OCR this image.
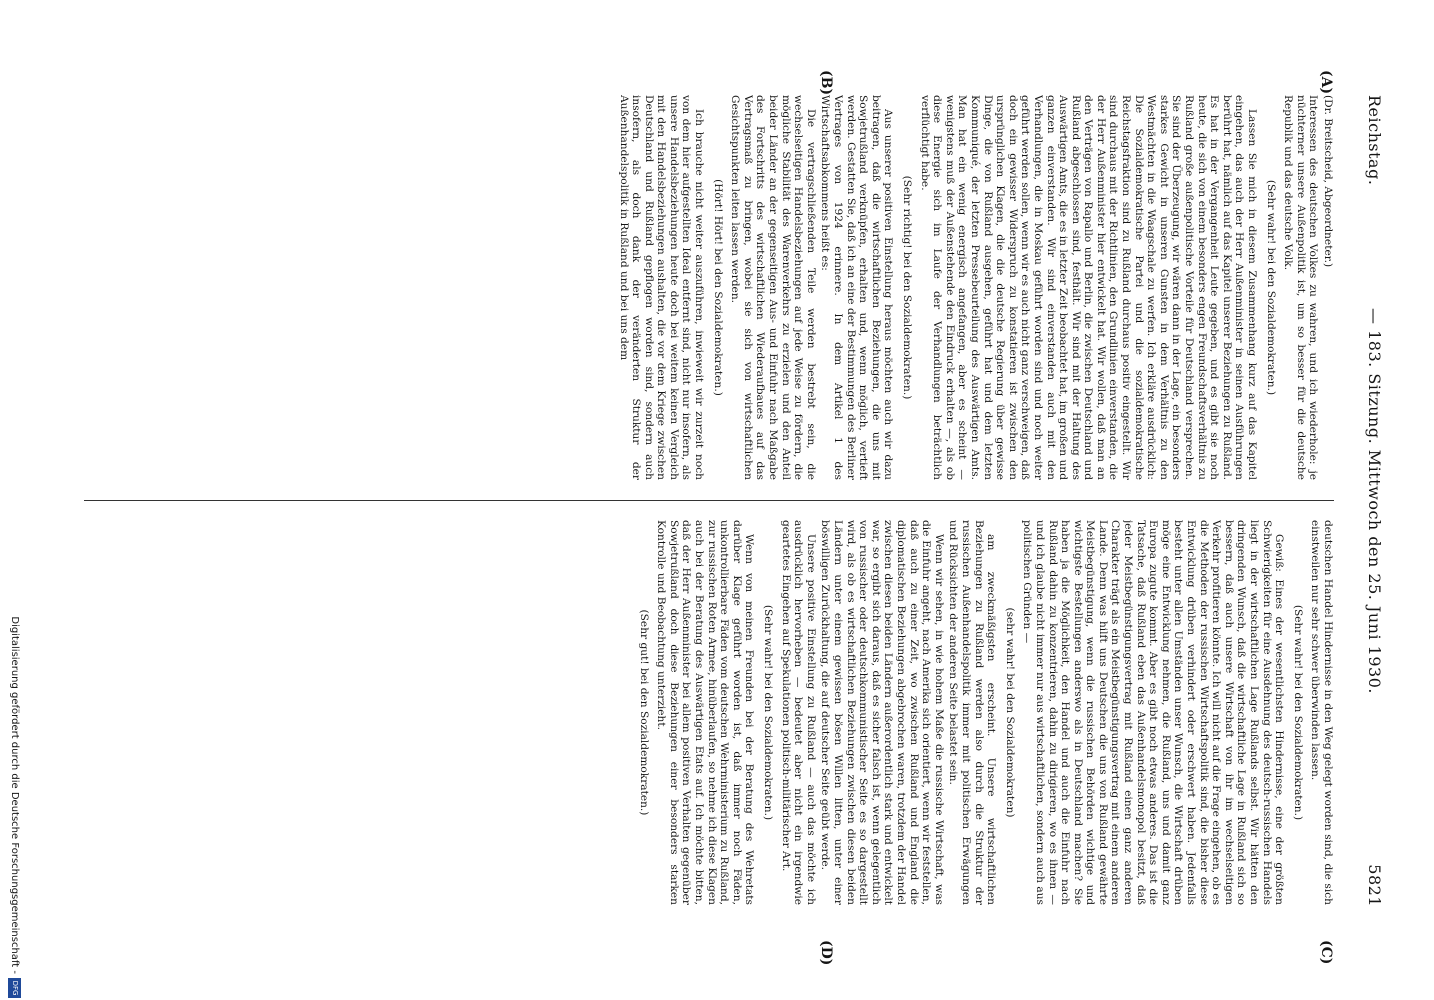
Reichstag.
— 183. Sitzung. Mittwoch den 25. Juni 1930.
5821
(A)
(B)
(C)
(D)

(Dr. Breitscheid, Abgeordneter.)

Interessen des deutschen Volkes zu wahren, und ich wiederhole: je nüchterner unsere Außenpolitik ist, um so besser für die deutsche Republik und das deutsche Volk.

(Sehr wahr! bei den Sozialdemokraten.)

Lassen Sie mich in diesem Zusammenhang kurz auf das Kapitel eingehen, das auch der Herr Außenminister in seinen Ausführungen berührt hat, nämlich auf das Kapitel unserer Beziehungen zu Rußland. Es hat in der Vergangenheit Leute gegeben, und es gibt sie noch heute, die sich von einem besonders engen Freundschaftsverhältnis zu Rußland große außenpolitische Vorteile für Deutschland versprechen. Sie sind der Überzeugung, wir wären dann in der Lage, ein besonders starkes Gewicht in unseren Gunsten in dem Verhältnis zu den Westmächten in die Waagschale zu werfen. Ich erkläre ausdrücklich: Die Sozialdemokratische Partei und die sozialdemokratische Reichstagsfraktion sind zu Rußland durchaus positiv eingestellt. Wir sind durchaus mit der Richtlinien, den Grundlinien einverstanden, die der Herr Außenminister hier entwickelt hat. Wir wollen, daß man an den Verträgen von Rapallo und Berlin, die zwischen Deutschland und Rußland abgeschlossen sind, festhält. Wir sind mit der Haltung des Auswärtigen Amts, die es in letzter Zeit beobachtet hat, im großen und ganzen einverstanden. Wir sind einverstanden auch mit den Verhandlungen, die in Moskau geführt worden sind und noch weiter geführt werden sollen, wenn wir es auch nicht ganz verschweigen, daß doch ein gewisser Widerspruch zu konstatieren ist zwischen den ursprünglichen Klagen, die die deutsche Regierung über gewisse Dinge, die von Rußland ausgehen, geführt hat und dem letzten Kommuniqué, der letzten Pressebeurteilung des Auswärtigen Amts. Man hat ein wenig energisch angefangen, aber es scheint — wenigstens muß der Außenstehende den Eindruck erhalten —, als ob diese Energie sich im Laufe der Verhandlungen beträchtlich verflüchtigt habe.

(Sehr richtig! bei den Sozialdemokraten.)

Aus unserer positiven Einstellung heraus möchten auch wir dazu beitragen, daß die wirtschaftlichen Beziehungen, die uns mit Sowjetrußland verknüpfen, erhalten und, wenn möglich, vertieft werden. Gestatten Sie, daß ich an eine der Bestimmungen des Berliner Vertrages von 1924 erinnere. In dem Artikel 1 des Wirtschaftsabkommens heißt es:

Die vertragschließenden Teile werden bestrebt sein, die wechselseitigen Handelsbeziehungen auf jede Weise zu fördern, die mögliche Stabilität des Warenverkehrs zu erzielen und den Anteil beider Länder an der gegenseitigen Aus- und Einfuhr nach Maßgabe des Fortschritts des wirtschaftlichen Wiederaufbaues auf das Vertragsmaß zu bringen, wobei sie sich von wirtschaftlichen Gesichtspunkten leiten lassen werden.

(Hört! Hört! bei den Sozialdemokraten.)

Ich brauche nicht weiter auszuführen, inwieweit wir zurzeit noch von dem hier aufgestellten Ideal entfernt sind, nicht nur insofern, als unsere Handelsbeziehungen heute doch bei weitem keinen Vergleich mit den Handelsbeziehungen aushalten, die vor dem Kriege zwischen Deutschland und Rußland gepflogen worden sind, sondern auch insofern, als doch dank der veränderten Struktur der Außenhandelspolitik in Rußland und bei uns dem

deutschen Handel Hindernisse in den Weg gelegt worden sind, die sich einstweilen nur sehr schwer überwinden lassen.

(Sehr wahr! bei den Sozialdemokraten.)

Gewiß: Eines der wesentlichsten Hindernisse, eine der größten Schwierigkeiten für eine Ausdehnung des deutsch-russischen Handels liegt in der wirtschaftlichen Lage Rußlands selbst. Wir hätten den dringenden Wunsch, daß die wirtschaftliche Lage in Rußland sich so bessern, daß auch unsere Wirtschaft von ihr im wechselseitigen Verkehr profitieren könnte. Ich will nicht auf die Frage eingehen, ob es die Methoden der russischen Wirtschaftspolitik sind, die bisher diese Entwicklung drüben verhindert oder erschwert haben. Jedenfalls besteht unter allen Umständen unser Wunsch, die Wirtschaft drüben möge eine Entwicklung nehmen, die Rußland, uns und damit ganz Europa zugute kommt. Aber es gibt noch etwas anderes. Das ist die Tatsache, daß Rußland eben das Außenhandelsmonopol besitzt, daß jeder Meistbegünstigungsvertrag mit Rußland einen ganz anderen Charakter trägt als ein Meistbegünstigungsvertrag mit einem anderen Lande. Denn was hilft uns Deutschen die uns von Rußland gewährte Meistbegünstigung, wenn die russischen Behörden wichtige und wichtigste Bestellungen anderswo als in Deutschland machen? Sie haben ja die Möglichkeit, den Handel und auch die Einfuhr nach Rußland dahin zu konzentrieren, dahin zu dirigieren, wo es ihnen — und ich glaube nicht immer nur aus wirtschaftlichen, sondern auch aus politischen Gründen —

(sehr wahr! bei den Sozialdemokraten)

am zweckmäßigsten erscheint. Unsere wirtschaftlichen Beziehungen zu Rußland werden also durch die Struktur der russischen Außenhandelspolitik immer mit politischen Erwägungen und Rücksichten der anderen Seite belastet sein.

Wenn wir sehen, in wie hohem Maße die russische Wirtschaft, was die Einfuhr angeht, nach Amerika sich orientiert, wenn wir feststellen, daß auch zu einer Zeit, wo zwischen Rußland und England die diplomatischen Beziehungen abgebrochen waren, trotzdem der Handel zwischen diesen beiden Ländern außerordentlich stark und entwickelt war, so ergibt sich daraus, daß es sicher falsch ist, wenn gelegentlich von russischer oder deutschkommunistischer Seite es so dargestellt wird, als ob es wirtschaftlichen Beziehungen zwischen diesen beiden Ländern unter einem gewissen bösen Willen litten, unter einer böswilligen Zurückhaltung, die auf deutscher Seite geübt werde.

Unsere positive Einstellung zu Rußland — auch das möchte ich ausdrücklich hervorheben — bedeutet aber nicht ein irgendwie geartetes Eingehen auf Spekulationen politisch-militärischer Art.

(Sehr wahr! bei den Sozialdemokraten.)

Wenn von meinen Freunden bei der Beratung des Wehretats darüber Klage geführt worden ist, daß immer noch Fäden, unkontrollierbare Fäden vom deutschen Wehrministerium zu Rußland, zur russischen Roten Armee, hinüberlaufen, so nehme ich diese Klagen auch bei der Beratung des Auswärtigen Etats auf. Ich möchte bitten, daß der Herr Außenminister bei allem positiven Verhalten gegenüber Sowjetrußland doch diese Beziehungen einer besonders starken Kontrolle und Beobachtung unterzieht.

(Sehr gut! bei den Sozialdemokraten.)

Digitalisierung gefördert durch die Deutsche Forschungsgemeinschaft -
DFG
